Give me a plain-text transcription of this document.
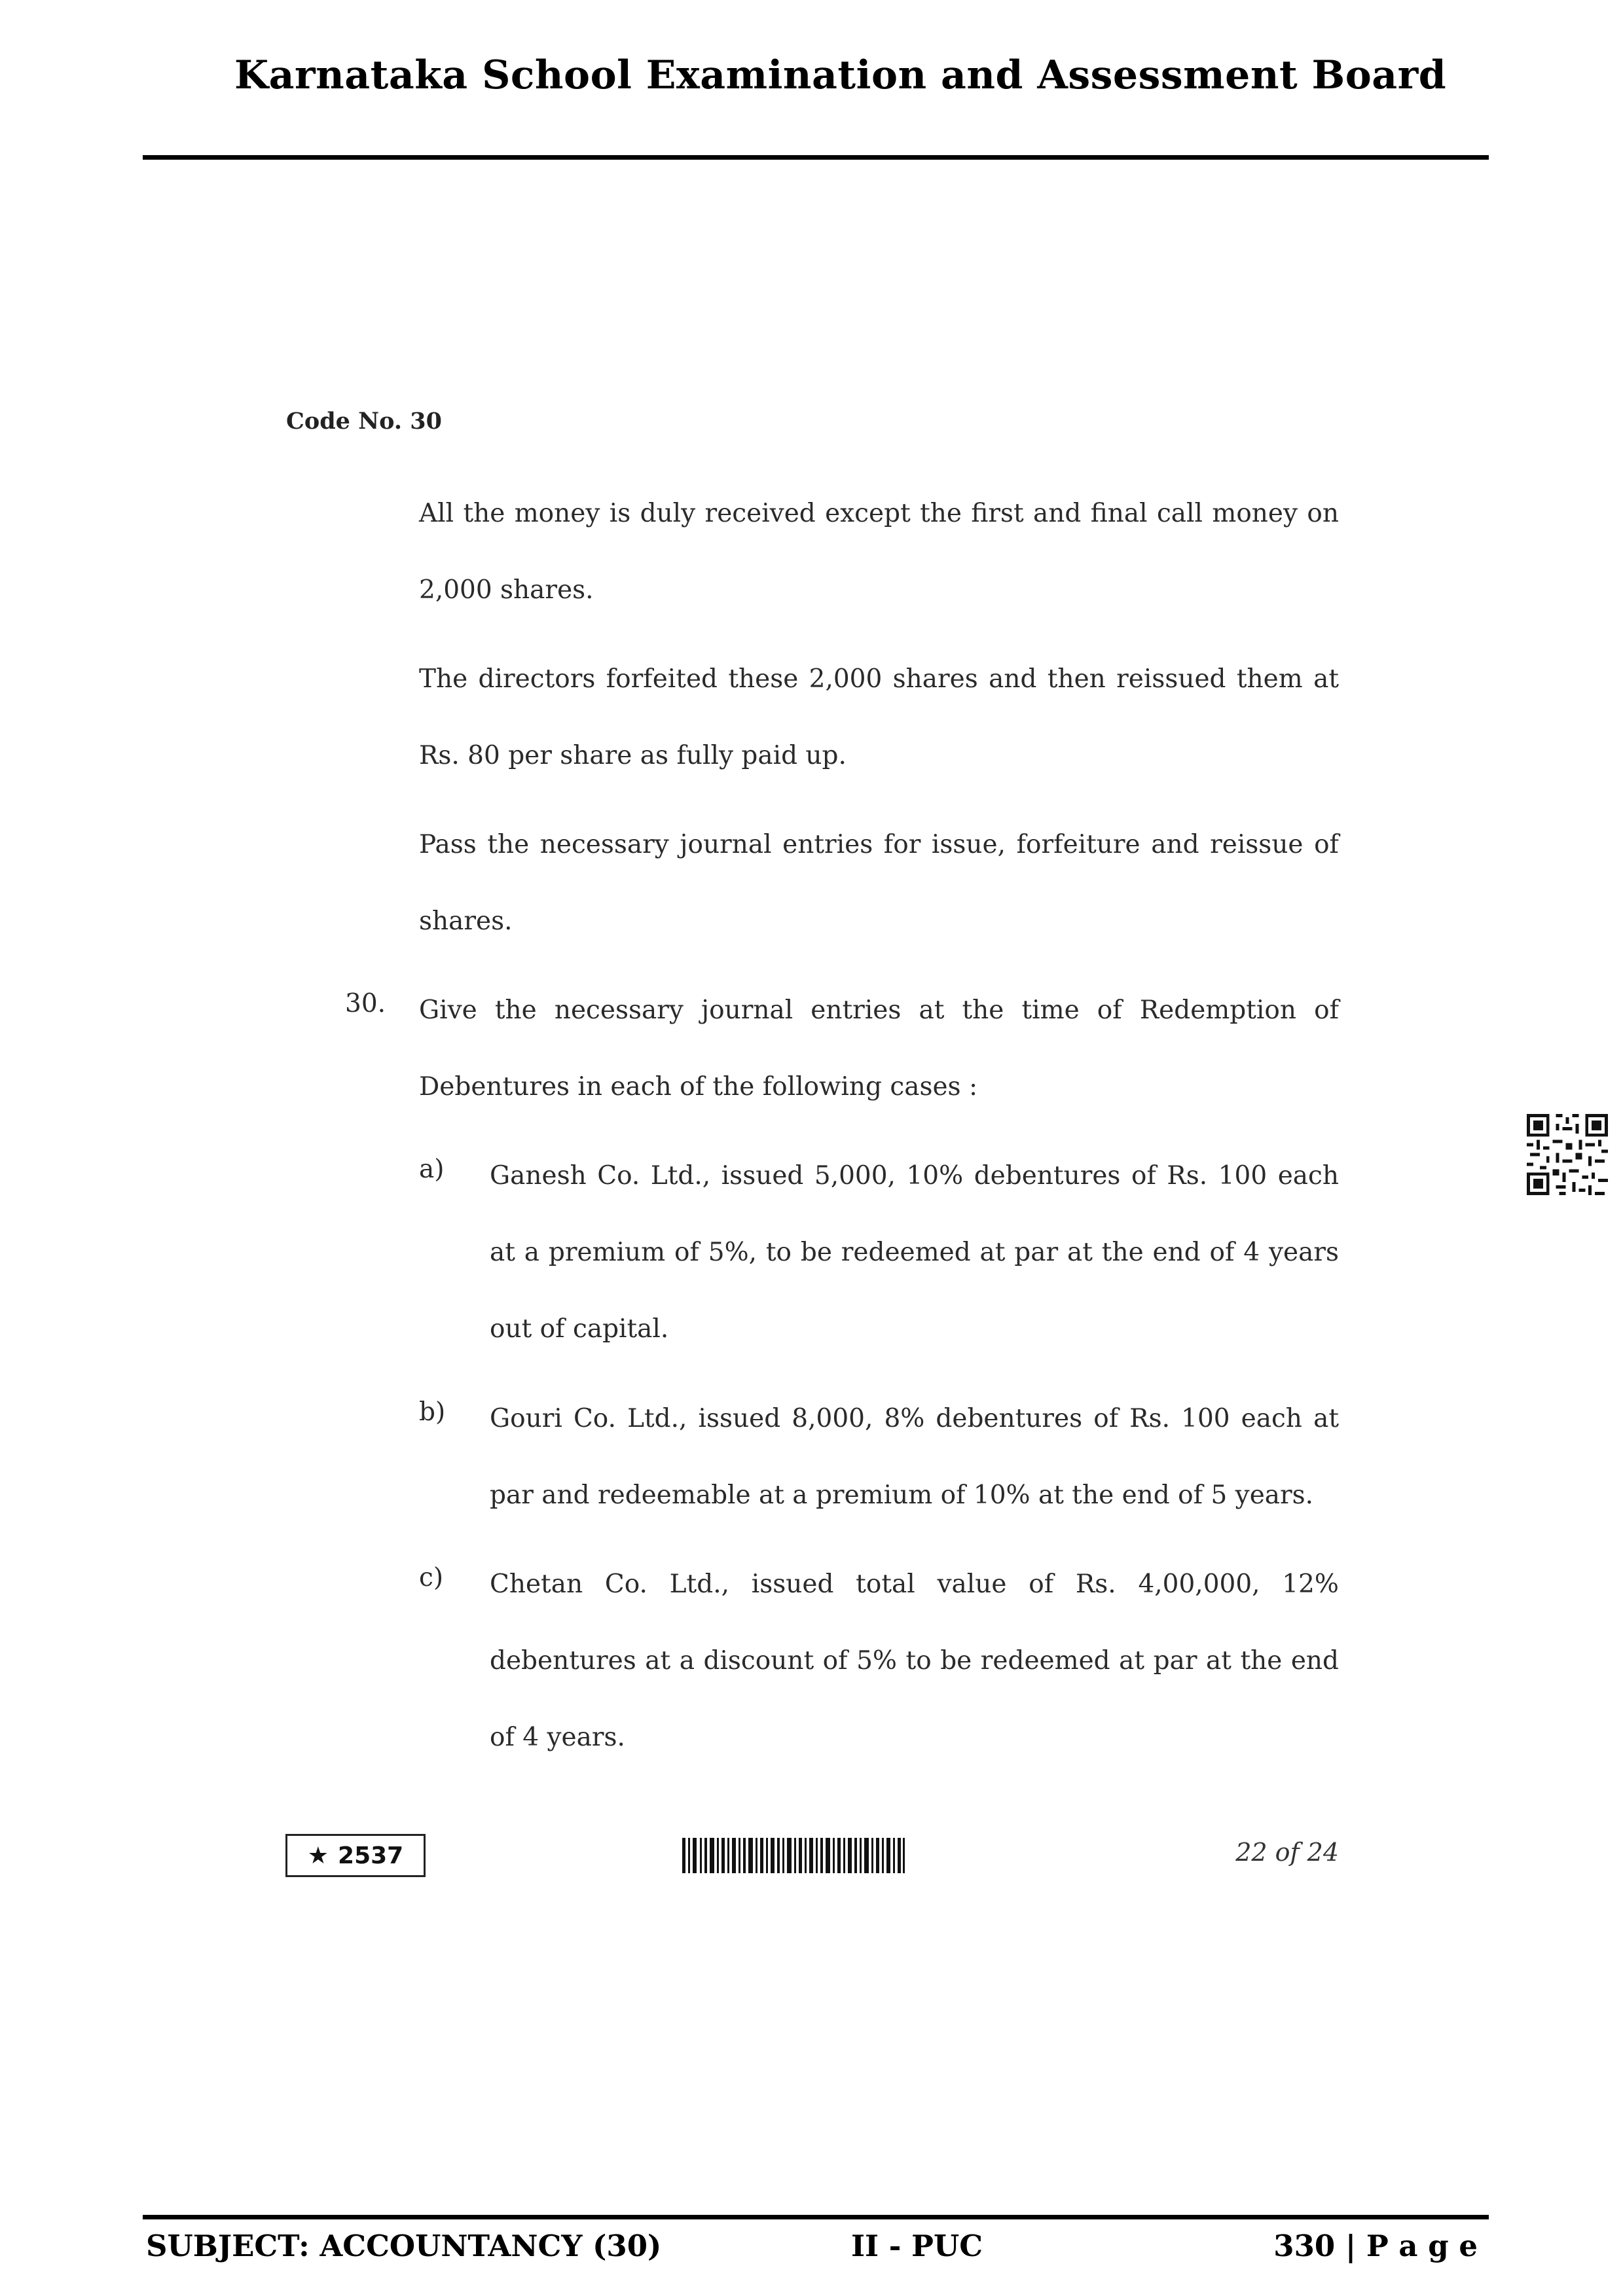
Karnataka School Examination and Assessment Board
Code No. 30
All the money is duly received except the first and final call money on 2,000 shares.
The directors forfeited these 2,000 shares and then reissued them at Rs. 80 per share as fully paid up.
Pass the necessary journal entries for issue, forfeiture and reissue of shares.
30. Give the necessary journal entries at the time of Redemption of Debentures in each of the following cases :
a) Ganesh Co. Ltd., issued 5,000, 10% debentures of Rs. 100 each at a premium of 5%, to be redeemed at par at the end of 4 years out of capital.
b) Gouri Co. Ltd., issued 8,000, 8% debentures of Rs. 100 each at par and redeemable at a premium of 10% at the end of 5 years.
c) Chetan Co. Ltd., issued total value of Rs. 4,00,000, 12% debentures at a discount of 5% to be redeemed at par at the end of 4 years.
★ 2537	22 of 24
SUBJECT: ACCOUNTANCY (30)	II - PUC	330 | P a g e
